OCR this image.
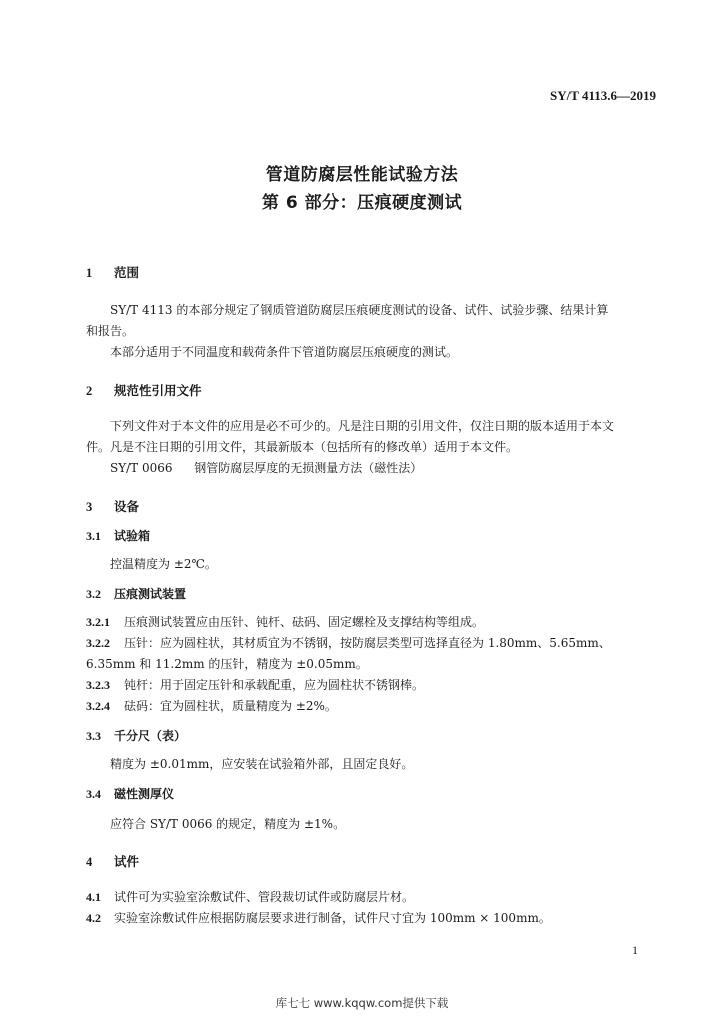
SY/T 4113.6—2019
管道防腐层性能试验方法
第 6 部分：压痕硬度测试
1 范围
SY/T 4113 的本部分规定了钢质管道防腐层压痕硬度测试的设备、试件、试验步骤、结果计算
和报告。
本部分适用于不同温度和载荷条件下管道防腐层压痕硬度的测试。
2 规范性引用文件
下列文件对于本文件的应用是必不可少的。凡是注日期的引用文件，仅注日期的版本适用于本文
件。凡是不注日期的引用文件，其最新版本（包括所有的修改单）适用于本文件。
SY/T 0066 钢管防腐层厚度的无损测量方法（磁性法）
3 设备
3.1 试验箱
控温精度为 ±2℃。
3.2 压痕测试装置
3.2.1 压痕测试装置应由压针、钝杆、砝码、固定螺栓及支撑结构等组成。
3.2.2 压针：应为圆柱状，其材质宜为不锈钢，按防腐层类型可选择直径为 1.80mm、5.65mm、
6.35mm 和 11.2mm 的压针，精度为 ±0.05mm。
3.2.3 钝杆：用于固定压针和承载配重，应为圆柱状不锈钢棒。
3.2.4 砝码：宜为圆柱状，质量精度为 ±2%。
3.3 千分尺（表）
精度为 ±0.01mm，应安装在试验箱外部，且固定良好。
3.4 磁性测厚仪
应符合 SY/T 0066 的规定，精度为 ±1%。
4 试件
4.1 试件可为实验室涂敷试件、管段裁切试件或防腐层片材。
4.2 实验室涂敷试件应根据防腐层要求进行制备，试件尺寸宜为 100mm × 100mm。
1
库七七 www.kqqw.com提供下载
